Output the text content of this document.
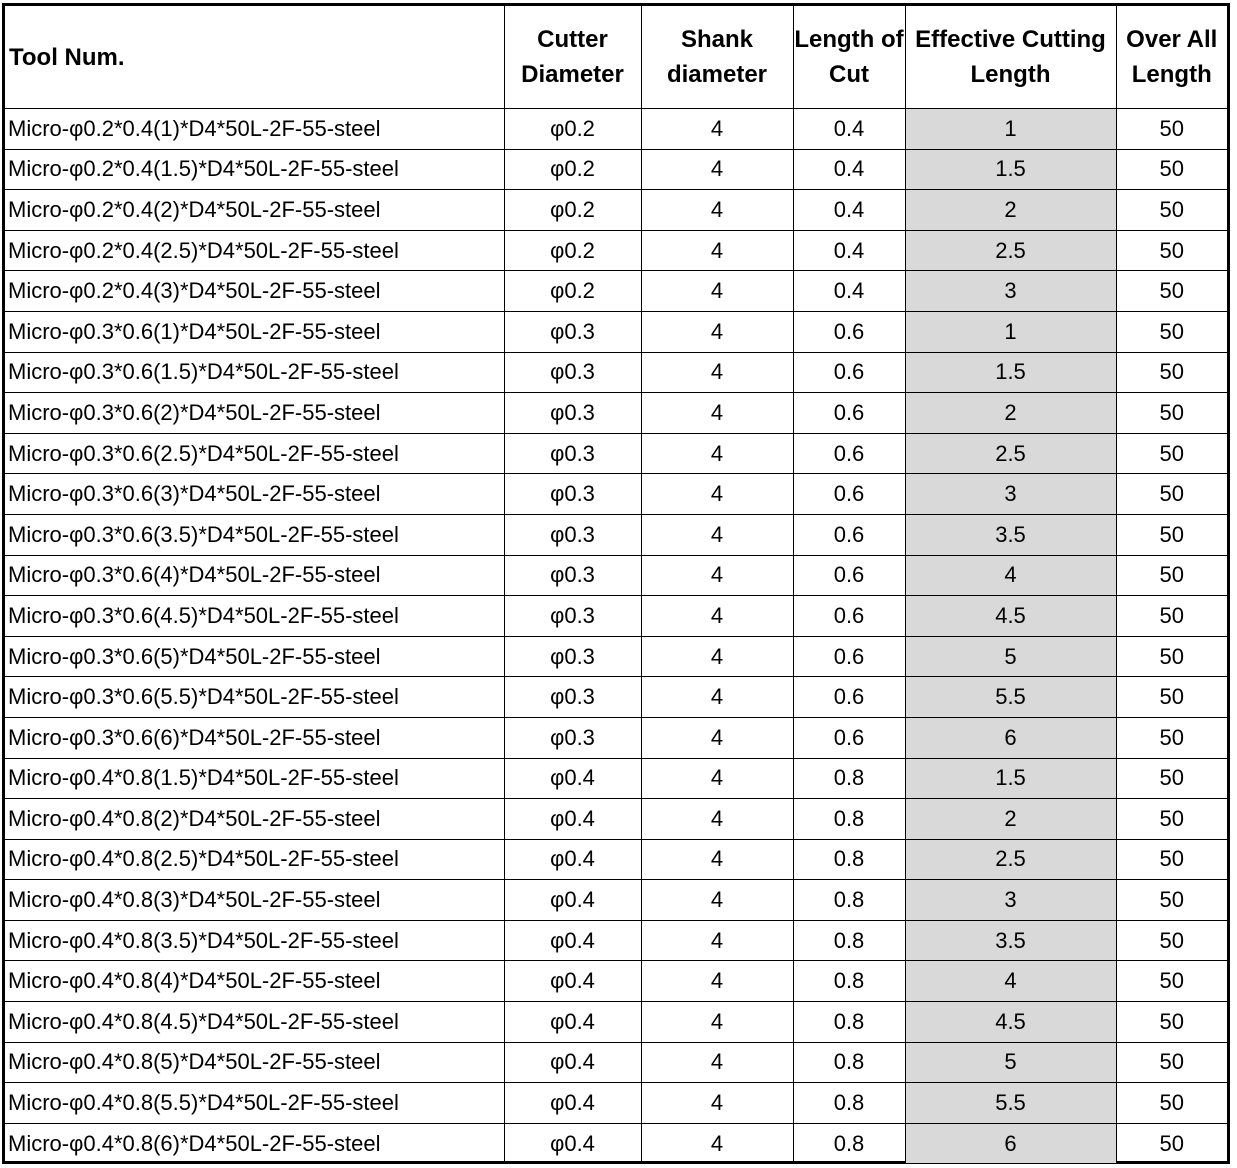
Tool Num.	Cutter Diameter	Shank diameter	Length of Cut	Effective Cutting Length	Over All Length
Micro-φ0.2*0.4(1)*D4*50L-2F-55-steel	φ0.2	4	0.4	1	50
Micro-φ0.2*0.4(1.5)*D4*50L-2F-55-steel	φ0.2	4	0.4	1.5	50
Micro-φ0.2*0.4(2)*D4*50L-2F-55-steel	φ0.2	4	0.4	2	50
Micro-φ0.2*0.4(2.5)*D4*50L-2F-55-steel	φ0.2	4	0.4	2.5	50
Micro-φ0.2*0.4(3)*D4*50L-2F-55-steel	φ0.2	4	0.4	3	50
Micro-φ0.3*0.6(1)*D4*50L-2F-55-steel	φ0.3	4	0.6	1	50
Micro-φ0.3*0.6(1.5)*D4*50L-2F-55-steel	φ0.3	4	0.6	1.5	50
Micro-φ0.3*0.6(2)*D4*50L-2F-55-steel	φ0.3	4	0.6	2	50
Micro-φ0.3*0.6(2.5)*D4*50L-2F-55-steel	φ0.3	4	0.6	2.5	50
Micro-φ0.3*0.6(3)*D4*50L-2F-55-steel	φ0.3	4	0.6	3	50
Micro-φ0.3*0.6(3.5)*D4*50L-2F-55-steel	φ0.3	4	0.6	3.5	50
Micro-φ0.3*0.6(4)*D4*50L-2F-55-steel	φ0.3	4	0.6	4	50
Micro-φ0.3*0.6(4.5)*D4*50L-2F-55-steel	φ0.3	4	0.6	4.5	50
Micro-φ0.3*0.6(5)*D4*50L-2F-55-steel	φ0.3	4	0.6	5	50
Micro-φ0.3*0.6(5.5)*D4*50L-2F-55-steel	φ0.3	4	0.6	5.5	50
Micro-φ0.3*0.6(6)*D4*50L-2F-55-steel	φ0.3	4	0.6	6	50
Micro-φ0.4*0.8(1.5)*D4*50L-2F-55-steel	φ0.4	4	0.8	1.5	50
Micro-φ0.4*0.8(2)*D4*50L-2F-55-steel	φ0.4	4	0.8	2	50
Micro-φ0.4*0.8(2.5)*D4*50L-2F-55-steel	φ0.4	4	0.8	2.5	50
Micro-φ0.4*0.8(3)*D4*50L-2F-55-steel	φ0.4	4	0.8	3	50
Micro-φ0.4*0.8(3.5)*D4*50L-2F-55-steel	φ0.4	4	0.8	3.5	50
Micro-φ0.4*0.8(4)*D4*50L-2F-55-steel	φ0.4	4	0.8	4	50
Micro-φ0.4*0.8(4.5)*D4*50L-2F-55-steel	φ0.4	4	0.8	4.5	50
Micro-φ0.4*0.8(5)*D4*50L-2F-55-steel	φ0.4	4	0.8	5	50
Micro-φ0.4*0.8(5.5)*D4*50L-2F-55-steel	φ0.4	4	0.8	5.5	50
Micro-φ0.4*0.8(6)*D4*50L-2F-55-steel	φ0.4	4	0.8	6	50
